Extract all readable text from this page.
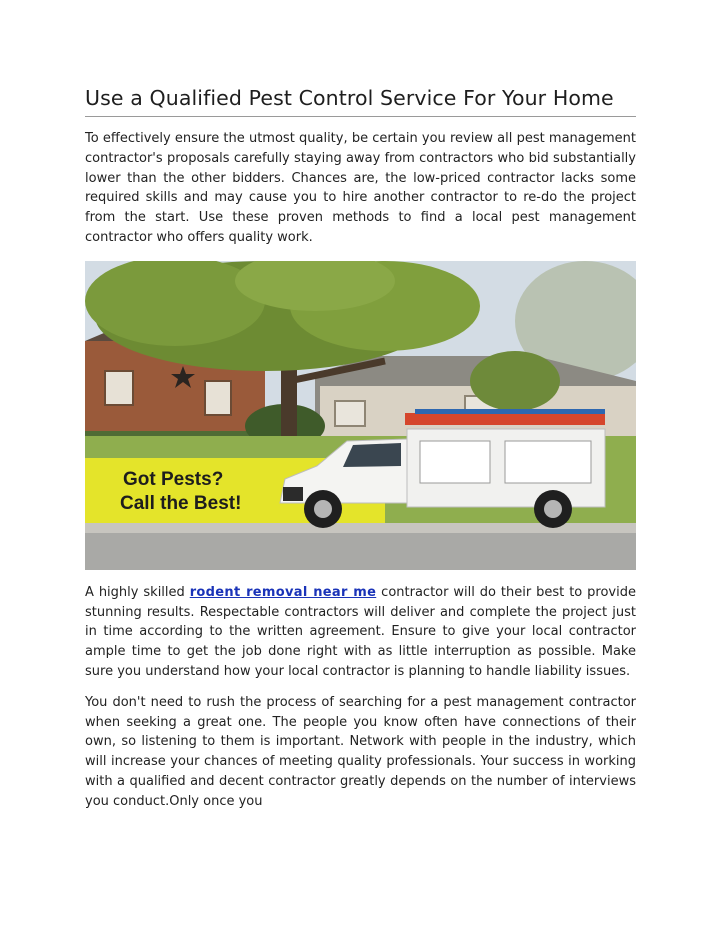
Use a Qualified Pest Control Service For Your Home

To effectively ensure the utmost quality, be certain you review all pest management contractor's proposals carefully staying away from contractors who bid substantially lower than the other bidders. Chances are, the low-priced contractor lacks some required skills and may cause you to hire another contractor to re-do the project from the start. Use these proven methods to find a local pest management contractor who offers quality work.

Got Pests?
Call the Best!

A highly skilled rodent removal near me contractor will do their best to provide stunning results. Respectable contractors will deliver and complete the project just in time according to the written agreement. Ensure to give your local contractor ample time to get the job done right with as little interruption as possible. Make sure you understand how your local contractor is planning to handle liability issues.

You don't need to rush the process of searching for a pest management contractor when seeking a great one. The people you know often have connections of their own, so listening to them is important. Network with people in the industry, which will increase your chances of meeting quality professionals. Your success in working with a qualified and decent contractor greatly depends on the number of interviews you conduct.Only once you
